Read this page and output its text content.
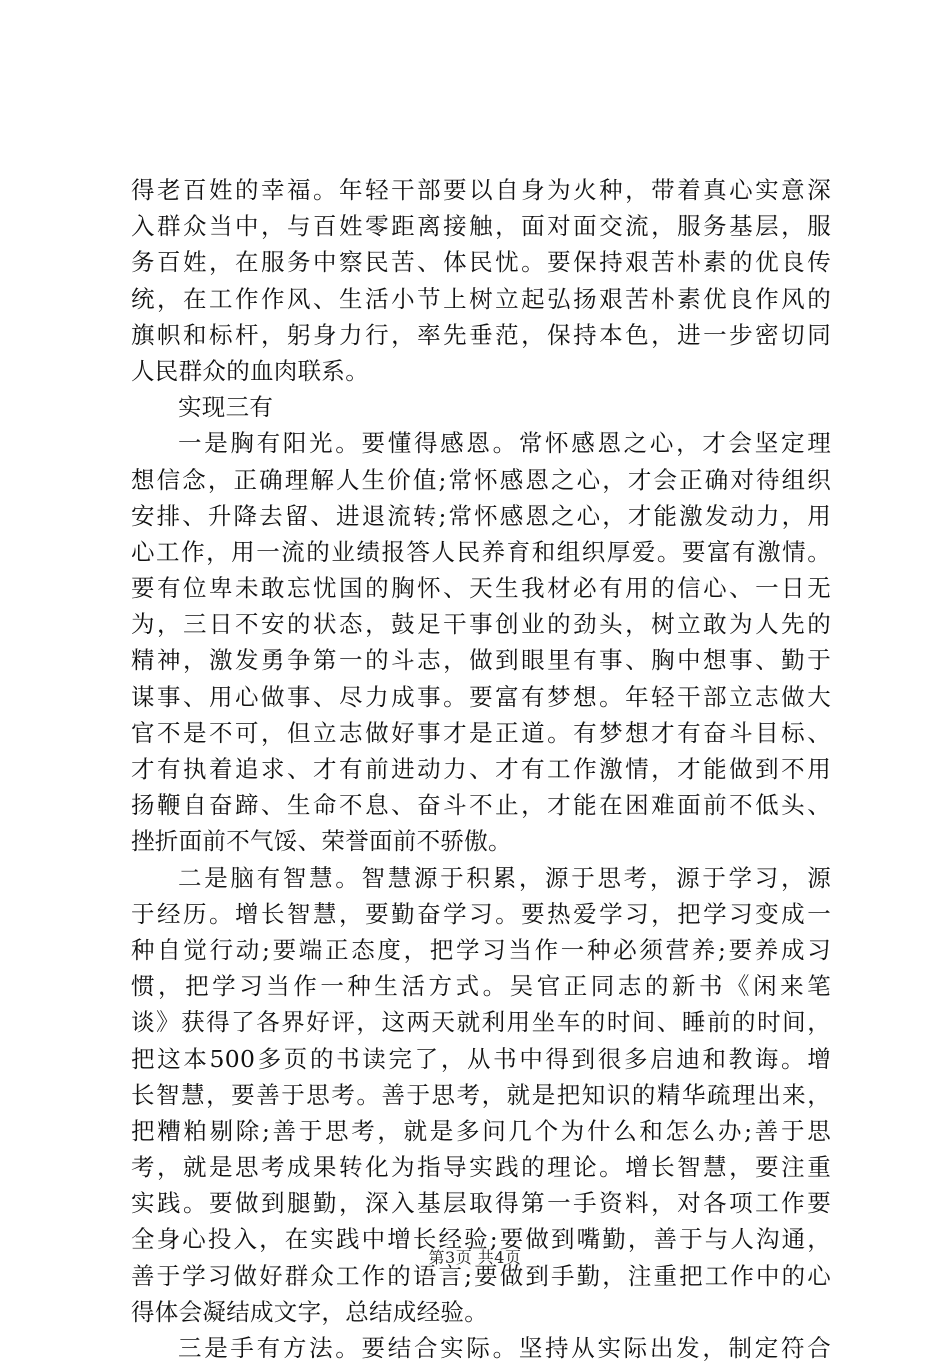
得老百姓的幸福。年轻干部要以自身为火种，带着真心实意深
入群众当中，与百姓零距离接触，面对面交流，服务基层，服
务百姓，在服务中察民苦、体民忧。要保持艰苦朴素的优良传
统，在工作作风、生活小节上树立起弘扬艰苦朴素优良作风的
旗帜和标杆，躬身力行，率先垂范，保持本色，进一步密切同
人民群众的血肉联系。
实现三有
一是胸有阳光。要懂得感恩。常怀感恩之心，才会坚定理
想信念，正确理解人生价值;常怀感恩之心，才会正确对待组织
安排、升降去留、进退流转;常怀感恩之心，才能激发动力，用
心工作，用一流的业绩报答人民养育和组织厚爱。要富有激情。
要有位卑未敢忘忧国的胸怀、天生我材必有用的信心、一日无
为，三日不安的状态，鼓足干事创业的劲头，树立敢为人先的
精神，激发勇争第一的斗志，做到眼里有事、胸中想事、勤于
谋事、用心做事、尽力成事。要富有梦想。年轻干部立志做大
官不是不可，但立志做好事才是正道。有梦想才有奋斗目标、
才有执着追求、才有前进动力、才有工作激情，才能做到不用
扬鞭自奋蹄、生命不息、奋斗不止，才能在困难面前不低头、
挫折面前不气馁、荣誉面前不骄傲。
二是脑有智慧。智慧源于积累，源于思考，源于学习，源
于经历。增长智慧，要勤奋学习。要热爱学习，把学习变成一
种自觉行动;要端正态度，把学习当作一种必须营养;要养成习
惯，把学习当作一种生活方式。吴官正同志的新书《闲来笔
谈》获得了各界好评，这两天就利用坐车的时间、睡前的时间，
把这本500多页的书读完了，从书中得到很多启迪和教诲。增
长智慧，要善于思考。善于思考，就是把知识的精华疏理出来，
把糟粕剔除;善于思考，就是多问几个为什么和怎么办;善于思
考，就是思考成果转化为指导实践的理论。增长智慧，要注重
实践。要做到腿勤，深入基层取得第一手资料，对各项工作要
全身心投入，在实践中增长经验;要做到嘴勤，善于与人沟通，
善于学习做好群众工作的语言;要做到手勤，注重把工作中的心
得体会凝结成文字，总结成经验。
三是手有方法。要结合实际。坚持从实际出发，制定符合
第3页 共4页
